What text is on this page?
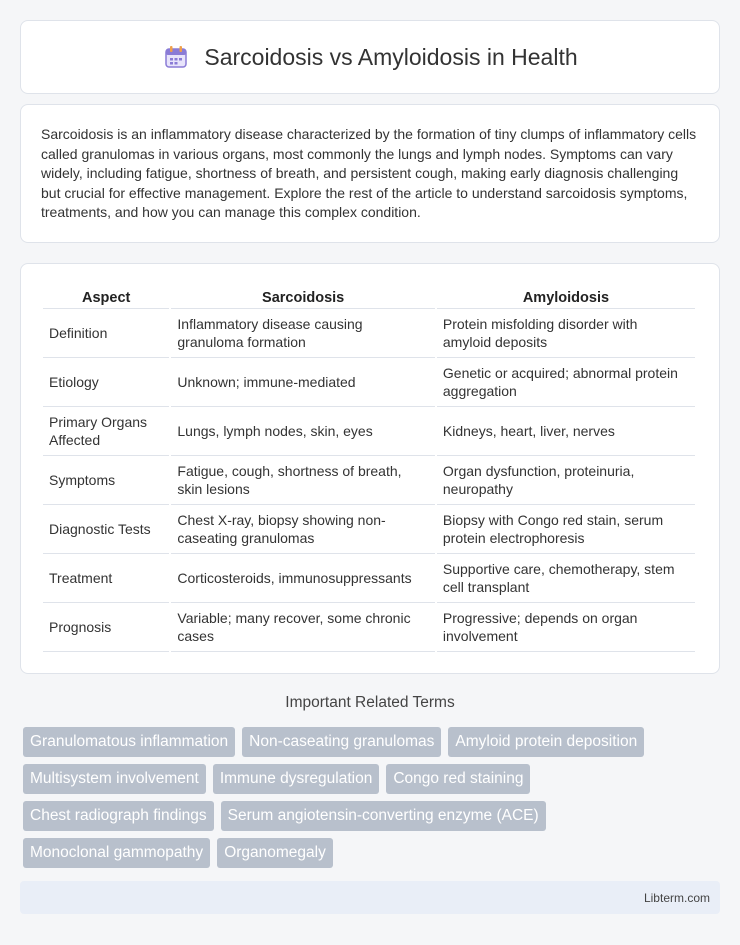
Sarcoidosis vs Amyloidosis in Health

Sarcoidosis is an inflammatory disease characterized by the formation of tiny clumps of inflammatory cells called granulomas in various organs, most commonly the lungs and lymph nodes. Symptoms can vary widely, including fatigue, shortness of breath, and persistent cough, making early diagnosis challenging but crucial for effective management. Explore the rest of the article to understand sarcoidosis symptoms, treatments, and how you can manage this complex condition.

Aspect	Sarcoidosis	Amyloidosis
Definition	Inflammatory disease causing granuloma formation	Protein misfolding disorder with amyloid deposits
Etiology	Unknown; immune-mediated	Genetic or acquired; abnormal protein aggregation
Primary Organs Affected	Lungs, lymph nodes, skin, eyes	Kidneys, heart, liver, nerves
Symptoms	Fatigue, cough, shortness of breath, skin lesions	Organ dysfunction, proteinuria, neuropathy
Diagnostic Tests	Chest X-ray, biopsy showing non-caseating granulomas	Biopsy with Congo red stain, serum protein electrophoresis
Treatment	Corticosteroids, immunosuppressants	Supportive care, chemotherapy, stem cell transplant
Prognosis	Variable; many recover, some chronic cases	Progressive; depends on organ involvement
Important Related Terms
Granulomatous inflammation	Non-caseating granulomas	Amyloid protein deposition
Multisystem involvement	Immune dysregulation	Congo red staining
Chest radiograph findings	Serum angiotensin-converting enzyme (ACE)
Monoclonal gammopathy	Organomegaly
Libterm.com
